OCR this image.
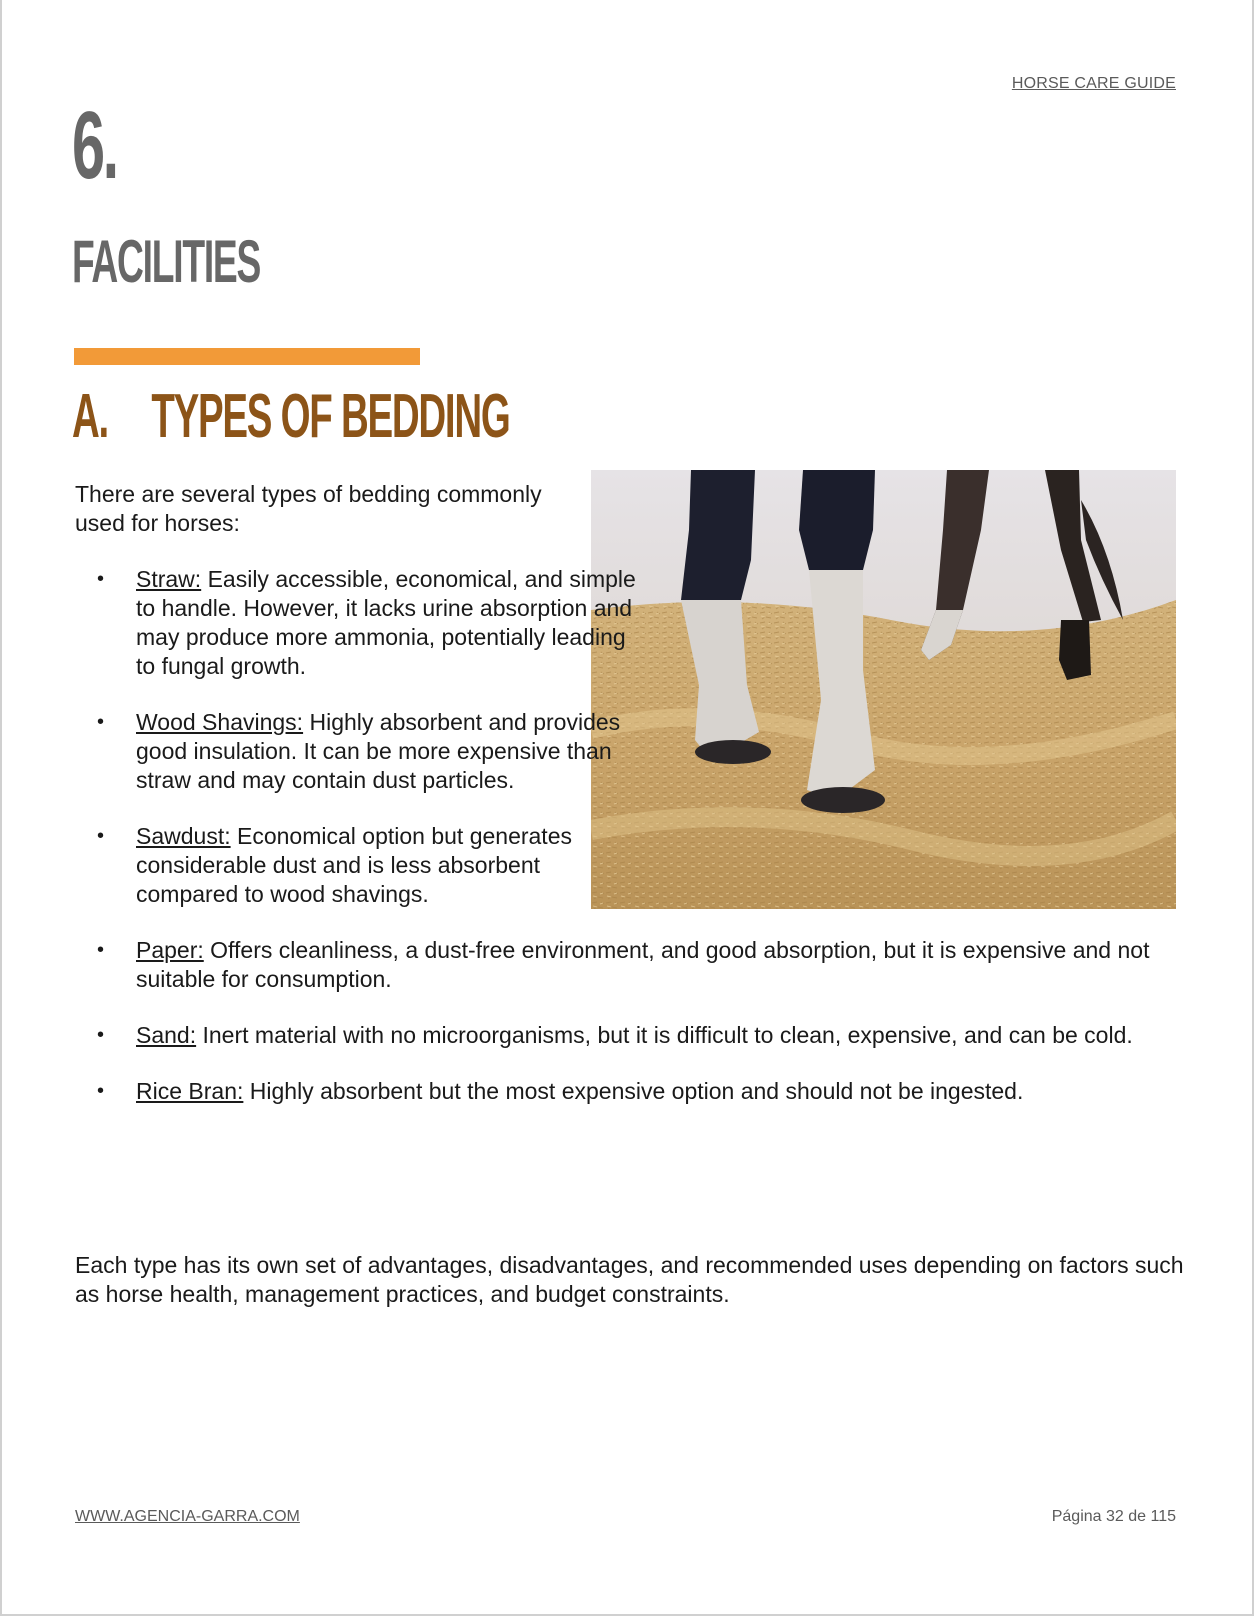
HORSE CARE GUIDE
6.
FACILITIES
A. TYPES OF BEDDING
There are several types of bedding commonly used for horses:
• Straw: Easily accessible, economical, and simple to handle. However, it lacks urine absorption and may produce more ammonia, potentially leading to fungal growth.
• Wood Shavings: Highly absorbent and provides good insulation. It can be more expensive than straw and may contain dust particles.
• Sawdust: Economical option but generates considerable dust and is less absorbent compared to wood shavings.
• Paper: Offers cleanliness, a dust-free environment, and good absorption, but it is expensive and not suitable for consumption.
• Sand: Inert material with no microorganisms, but it is difficult to clean, expensive, and can be cold.
• Rice Bran: Highly absorbent but the most expensive option and should not be ingested.
Each type has its own set of advantages, disadvantages, and recommended uses depending on factors such as horse health, management practices, and budget constraints.
WWW.AGENCIA-GARRA.COM	Página 32 de 115
